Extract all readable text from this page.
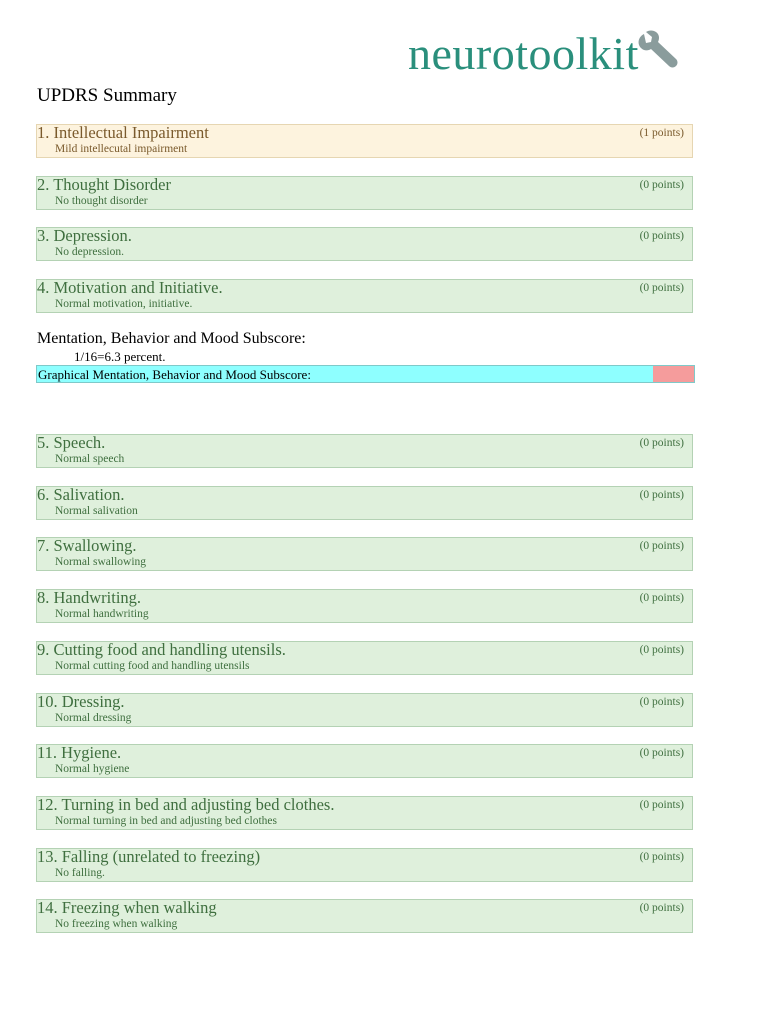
neurotoolkit
UPDRS Summary
1. Intellectual Impairment	(1 points)
Mild intellecutal impairment
2. Thought Disorder	(0 points)
No thought disorder
3. Depression.	(0 points)
No depression.
4. Motivation and Initiative.	(0 points)
Normal motivation, initiative.
Mentation, Behavior and Mood Subscore:
1/16=6.3 percent.
Graphical Mentation, Behavior and Mood Subscore:
5. Speech.	(0 points)
Normal speech
6. Salivation.	(0 points)
Normal salivation
7. Swallowing.	(0 points)
Normal swallowing
8. Handwriting.	(0 points)
Normal handwriting
9. Cutting food and handling utensils.	(0 points)
Normal cutting food and handling utensils
10. Dressing.	(0 points)
Normal dressing
11. Hygiene.	(0 points)
Normal hygiene
12. Turning in bed and adjusting bed clothes.	(0 points)
Normal turning in bed and adjusting bed clothes
13. Falling (unrelated to freezing)	(0 points)
No falling.
14. Freezing when walking	(0 points)
No freezing when walking
